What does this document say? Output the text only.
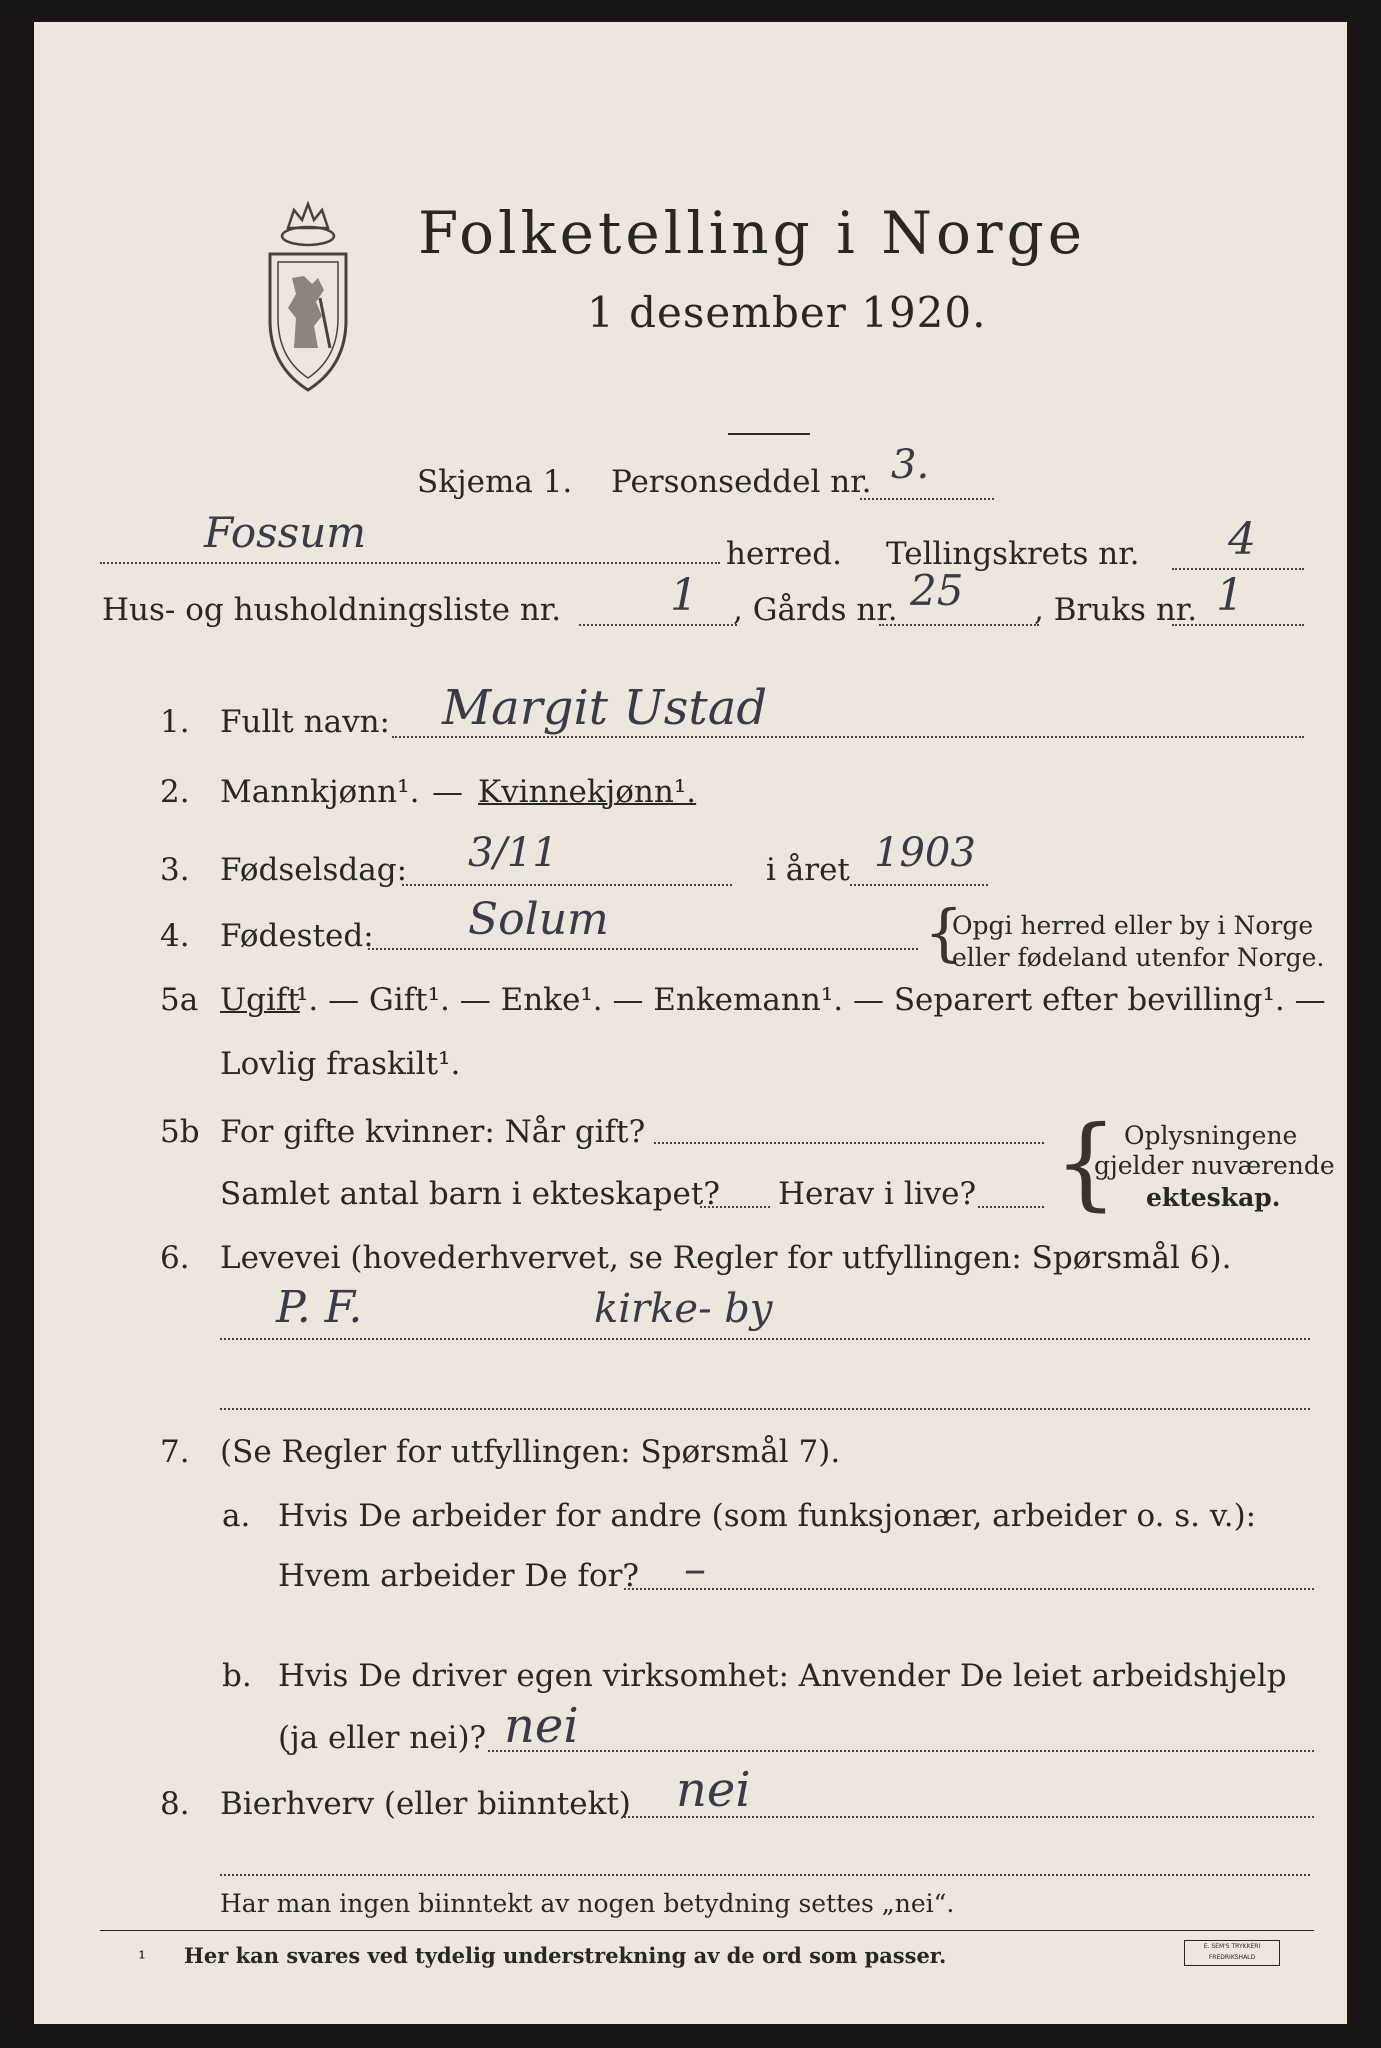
Folketelling i Norge
1 desember 1920.
Skjema 1. Personseddel nr. 3.
Fossum	herred. Tellingskrets nr. 4
Hus- og husholdningsliste nr. 1 , Gårds nr. 25 , Bruks nr. 1
1. Fullt navn: Margit Ustad
2. Mannkjønn¹. — Kvinnekjønn¹.
3. Fødselsdag: 3/11	i året 1903
4. Fødested: Solum	{
Opgi herred eller by i Norge
eller fødeland utenfor Norge.
5a Ugift
¹. — Gift¹. — Enke¹. — Enkemann¹. — Separert efter bevilling¹. —
Lovlig fraskilt¹.
5b For gifte kvinner: Når gift?
Samlet antal barn i ekteskapet? Herav i live? { Oplysningene
gjelder nuværende
ekteskap.
6. Levevei (hovederhvervet, se Regler for utfyllingen: Spørsmål 6).
P. F.	kirke- by
7. (Se Regler for utfyllingen: Spørsmål 7).
a. Hvis De arbeider for andre (som funksjonær, arbeider o. s. v.):
Hvem arbeider De for? –
b. Hvis De driver egen virksomhet: Anvender De leiet arbeidshjelp
(ja eller nei)? nei
8. Bierhverv (eller biinntekt) nei
Har man ingen biinntekt av nogen betydning settes „nei“.
¹ Her kan svares ved tydelig understrekning av de ord som passer.	E. SEM'S TRYKKERI FREDRIKSHALD
